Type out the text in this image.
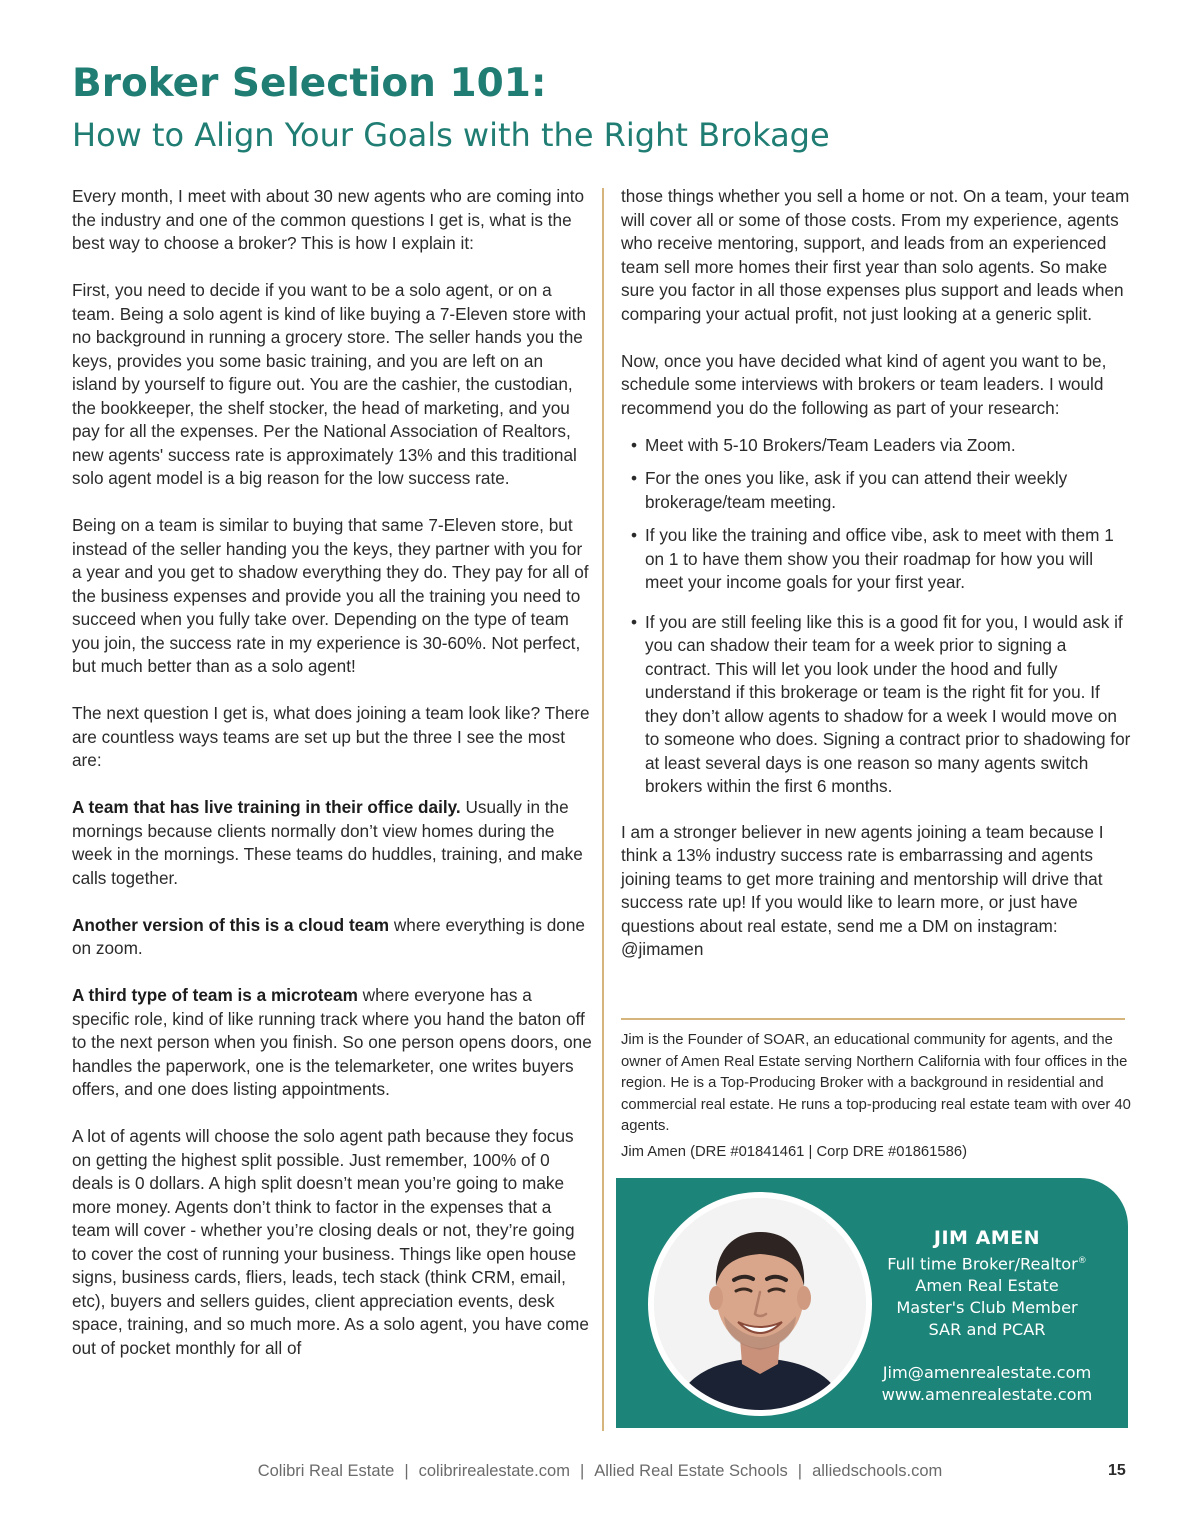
Broker Selection 101:
How to Align Your Goals with the Right Brokage

Every month, I meet with about 30 new agents who are coming into the industry and one of the common questions I get is, what is the best way to choose a broker? This is how I explain it:

First, you need to decide if you want to be a solo agent, or on a team. Being a solo agent is kind of like buying a 7-Eleven store with no background in running a grocery store. The seller hands you the keys, provides you some basic training, and you are left on an island by yourself to figure out. You are the cashier, the custodian, the bookkeeper, the shelf stocker, the head of marketing, and you pay for all the expenses. Per the National Association of Realtors, new agents' success rate is approximately 13% and this traditional solo agent model is a big reason for the low success rate.

Being on a team is similar to buying that same 7-Eleven store, but instead of the seller handing you the keys, they partner with you for a year and you get to shadow everything they do. They pay for all of the business expenses and provide you all the training you need to succeed when you fully take over. Depending on the type of team you join, the success rate in my experience is 30-60%. Not perfect, but much better than as a solo agent!

The next question I get is, what does joining a team look like? There are countless ways teams are set up but the three I see the most are:

A team that has live training in their office daily. Usually in the mornings because clients normally don’t view homes during the week in the mornings. These teams do huddles, training, and make calls together.

Another version of this is a cloud team where everything is done on zoom.

A third type of team is a microteam where everyone has a specific role, kind of like running track where you hand the baton off to the next person when you finish. So one person opens doors, one handles the paperwork, one is the telemarketer, one writes buyers offers, and one does listing appointments.

A lot of agents will choose the solo agent path because they focus on getting the highest split possible. Just remember, 100% of 0 deals is 0 dollars. A high split doesn’t mean you’re going to make more money. Agents don’t think to factor in the expenses that a team will cover - whether you’re closing deals or not, they’re going to cover the cost of running your business. Things like open house signs, business cards, fliers, leads, tech stack (think CRM, email, etc), buyers and sellers guides, client appreciation events, desk space, training, and so much more. As a solo agent, you have come out of pocket monthly for all of

those things whether you sell a home or not. On a team, your team will cover all or some of those costs. From my experience, agents who receive mentoring, support, and leads from an experienced team sell more homes their first year than solo agents. So make sure you factor in all those expenses plus support and leads when comparing your actual profit, not just looking at a generic split.

Now, once you have decided what kind of agent you want to be, schedule some interviews with brokers or team leaders. I would recommend you do the following as part of your research:

• Meet with 5-10 Brokers/Team Leaders via Zoom.
• For the ones you like, ask if you can attend their weekly brokerage/team meeting.
• If you like the training and office vibe, ask to meet with them 1 on 1 to have them show you their roadmap for how you will meet your income goals for your first year.
• If you are still feeling like this is a good fit for you, I would ask if you can shadow their team for a week prior to signing a contract. This will let you look under the hood and fully understand if this brokerage or team is the right fit for you. If they don’t allow agents to shadow for a week I would move on to someone who does. Signing a contract prior to shadowing for at least several days is one reason so many agents switch brokers within the first 6 months.

I am a stronger believer in new agents joining a team because I think a 13% industry success rate is embarrassing and agents joining teams to get more training and mentorship will drive that success rate up! If you would like to learn more, or just have questions about real estate, send me a DM on instagram: @jimamen

Jim is the Founder of SOAR, an educational community for agents, and the owner of Amen Real Estate serving Northern California with four offices in the region. He is a Top-Producing Broker with a background in residential and commercial real estate. He runs a top-producing real estate team with over 40 agents.
Jim Amen (DRE #01841461 | Corp DRE #01861586)
JIM AMEN
Full time Broker/Realtor®
Amen Real Estate
Master's Club Member
SAR and PCAR
Jim@amenrealestate.com
www.amenrealestate.com
Colibri Real Estate | colibrirealestate.com | Allied Real Estate Schools | alliedschools.com	15
